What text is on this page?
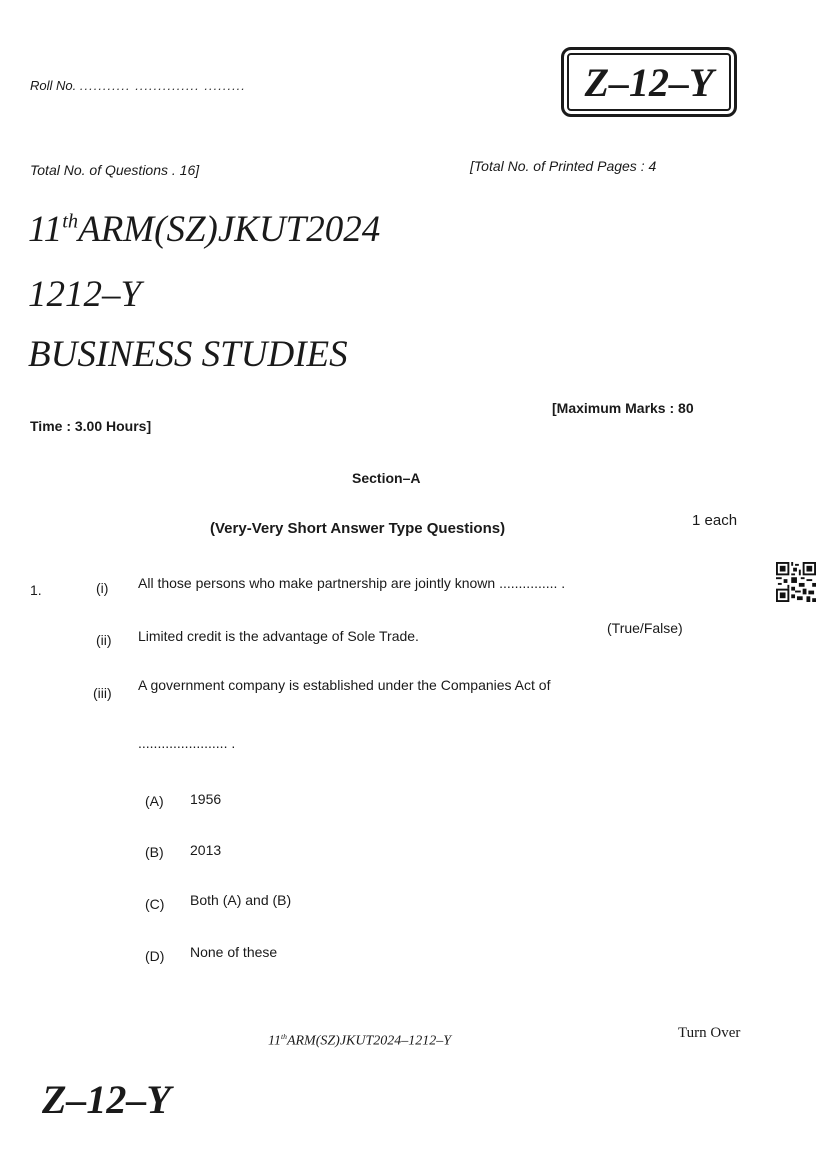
Roll No. ........... .............. .........	Z–12–Y
Total No. of Questions . 16]	[Total No. of Printed Pages : 4
11thARM(SZ)JKUT2024
1212–Y
BUSINESS STUDIES
Time : 3.00 Hours]
[Maximum Marks : 80
Section–A
(Very-Very Short Answer Type Questions)	1 each
1.	(i) All those persons who make partnership are jointly known ............... .
(ii) Limited credit is the advantage of Sole Trade.	(True/False)
(iii) A government company is established under the Companies Act of
....................... .
(A) 1956
(B) 2013
(C) Both (A) and (B)
(D) None of these
11thARM(SZ)JKUT2024–1212–Y
Turn Over
Z–12–Y
